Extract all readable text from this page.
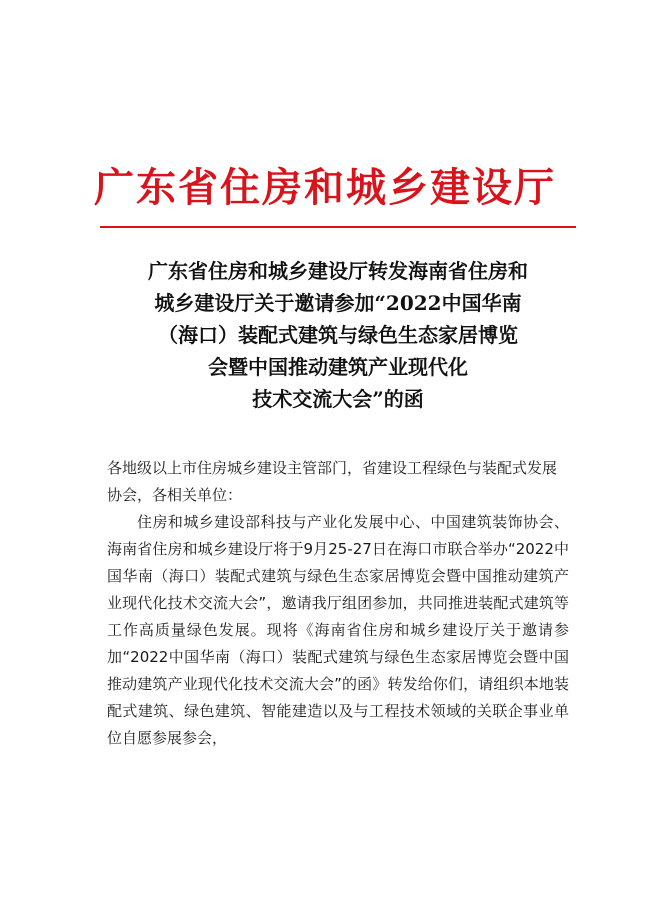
广东省住房和城乡建设厅
广东省住房和城乡建设厅转发海南省住房和
城乡建设厅关于邀请参加“2022中国华南
（海口）装配式建筑与绿色生态家居博览
会暨中国推动建筑产业现代化
技术交流大会”的函

各地级以上市住房城乡建设主管部门，省建设工程绿色与装配式发展协会，各相关单位：

住房和城乡建设部科技与产业化发展中心、中国建筑装饰协会、海南省住房和城乡建设厅将于9月25-27日在海口市联合举办“2022中国华南（海口）装配式建筑与绿色生态家居博览会暨中国推动建筑产业现代化技术交流大会”，邀请我厅组团参加，共同推进装配式建筑等工作高质量绿色发展。现将《海南省住房和城乡建设厅关于邀请参加“2022中国华南（海口）装配式建筑与绿色生态家居博览会暨中国推动建筑产业现代化技术交流大会”的函》转发给你们，请组织本地装配式建筑、绿色建筑、智能建造以及与工程技术领域的关联企事业单位自愿参展参会，
